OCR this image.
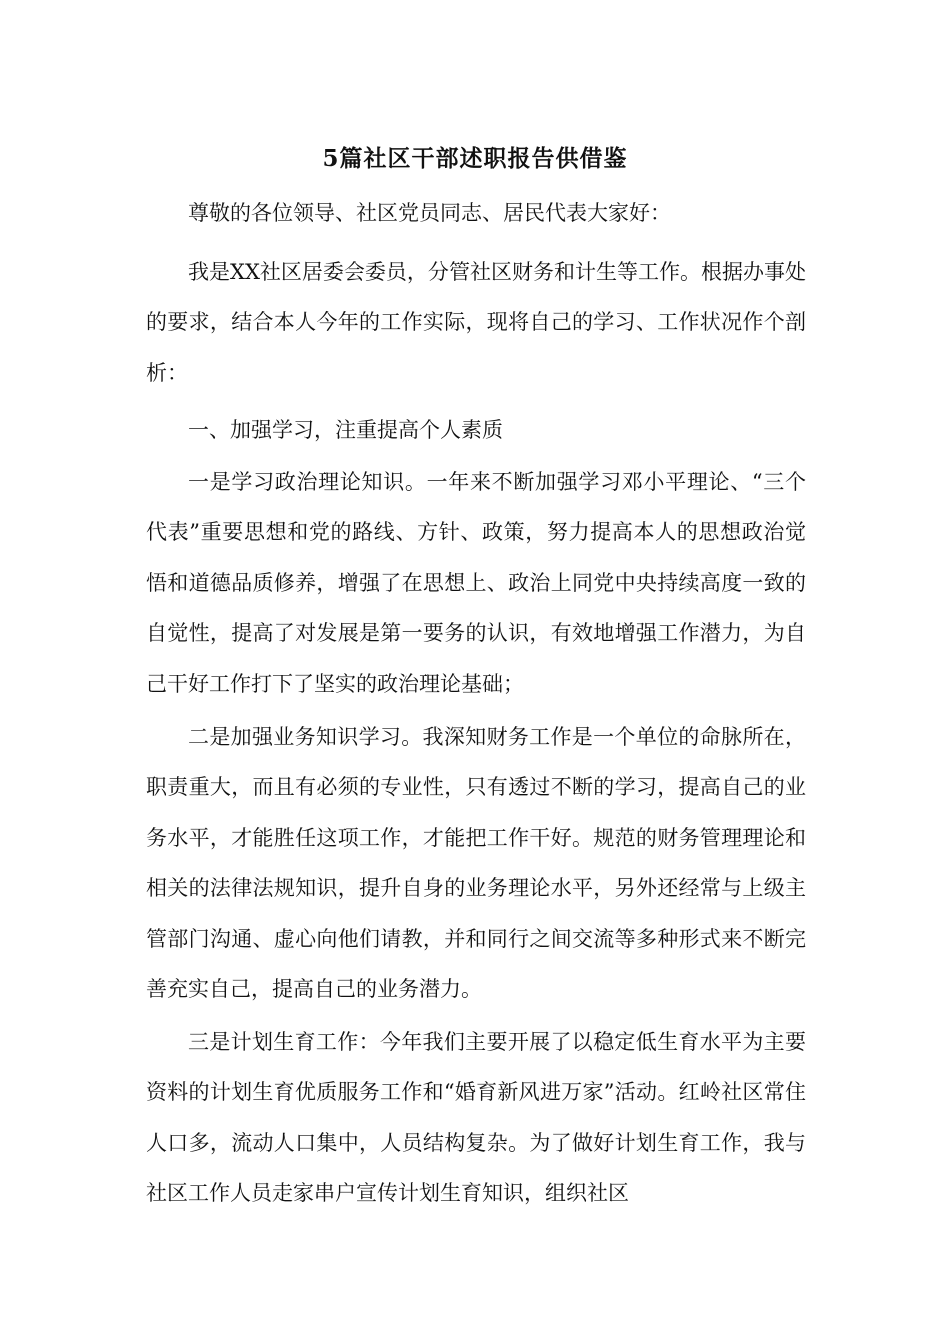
5篇社区干部述职报告供借鉴

尊敬的各位领导、社区党员同志、居民代表大家好：

我是XX社区居委会委员，分管社区财务和计生等工作。根据办事处的要求，结合本人今年的工作实际，现将自己的学习、工作状况作个剖析：

一、加强学习，注重提高个人素质

一是学习政治理论知识。一年来不断加强学习邓小平理论、“三个代表”重要思想和党的路线、方针、政策，努力提高本人的思想政治觉悟和道德品质修养，增强了在思想上、政治上同党中央持续高度一致的自觉性，提高了对发展是第一要务的认识，有效地增强工作潜力，为自己干好工作打下了坚实的政治理论基础；

二是加强业务知识学习。我深知财务工作是一个单位的命脉所在，职责重大，而且有必须的专业性，只有透过不断的学习，提高自己的业务水平，才能胜任这项工作，才能把工作干好。规范的财务管理理论和相关的法律法规知识，提升自身的业务理论水平，另外还经常与上级主管部门沟通、虚心向他们请教，并和同行之间交流等多种形式来不断完善充实自己，提高自己的业务潜力。

三是计划生育工作：今年我们主要开展了以稳定低生育水平为主要资料的计划生育优质服务工作和“婚育新风进万家”活动。红岭社区常住人口多，流动人口集中，人员结构复杂。为了做好计划生育工作，我与社区工作人员走家串户宣传计划生育知识，组织社区
